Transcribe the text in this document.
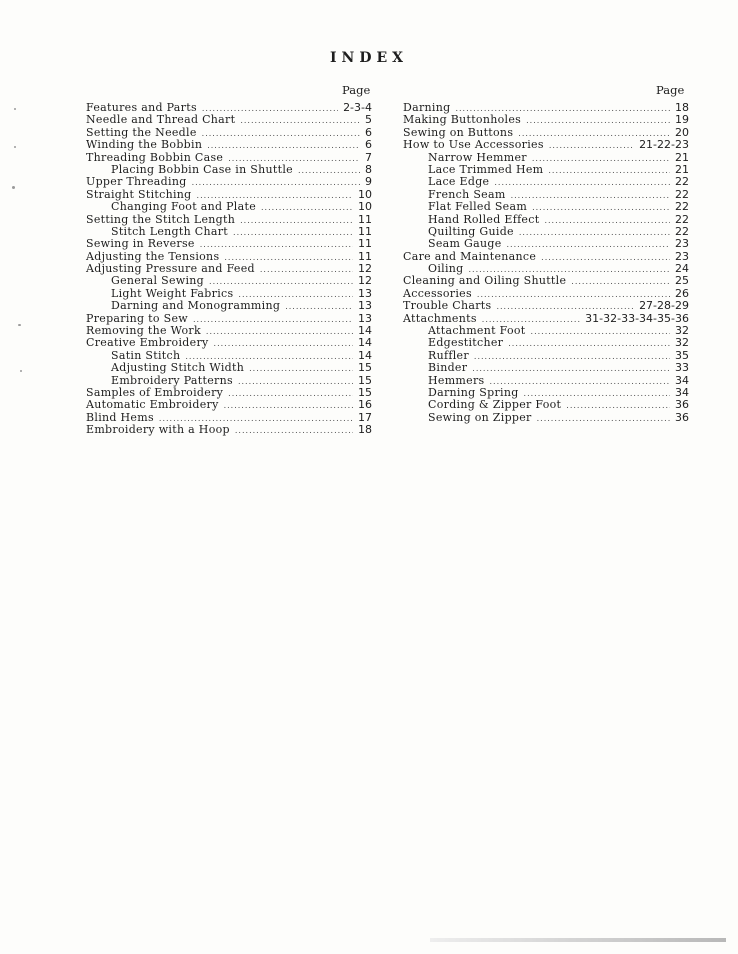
INDEX
Page	Page
Features and Parts .....	2-3-4
Needle and Thread Chart .....	5
Setting the Needle .....	6
Winding the Bobbin .....	6
Threading Bobbin Case .....	7
Placing Bobbin Case in Shuttle .....	8
Upper Threading .....	9
Straight Stitching .....	10
Changing Foot and Plate .....	10
Setting the Stitch Length .....	11
Stitch Length Chart .....	11
Sewing in Reverse .....	11
Adjusting the Tensions .....	11
Adjusting Pressure and Feed .....	12
General Sewing .....	12
Light Weight Fabrics .....	13
Darning and Monogramming .....	13
Preparing to Sew .....	13
Removing the Work .....	14
Creative Embroidery .....	14
Satin Stitch .....	14
Adjusting Stitch Width .....	15
Embroidery Patterns .....	15
Samples of Embroidery .....	15
Automatic Embroidery .....	16
Blind Hems .....	17
Embroidery with a Hoop .....	18
Darning .....	18
Making Buttonholes .....	19
Sewing on Buttons .....	20
How to Use Accessories .....	21-22-23
Narrow Hemmer .....	21
Lace Trimmed Hem .....	21
Lace Edge .....	22
French Seam .....	22
Flat Felled Seam .....	22
Hand Rolled Effect .....	22
Quilting Guide .....	22
Seam Gauge .....	23
Care and Maintenance .....	23
Oiling .....	24
Cleaning and Oiling Shuttle .....	25
Accessories .....	26
Trouble Charts .....	27-28-29
Attachments .....	31-32-33-34-35-36
Attachment Foot .....	32
Edgestitcher .....	32
Ruffler .....	35
Binder .....	33
Hemmers .....	34
Darning Spring .....	34
Cording & Zipper Foot .....	36
Sewing on Zipper .....	36
